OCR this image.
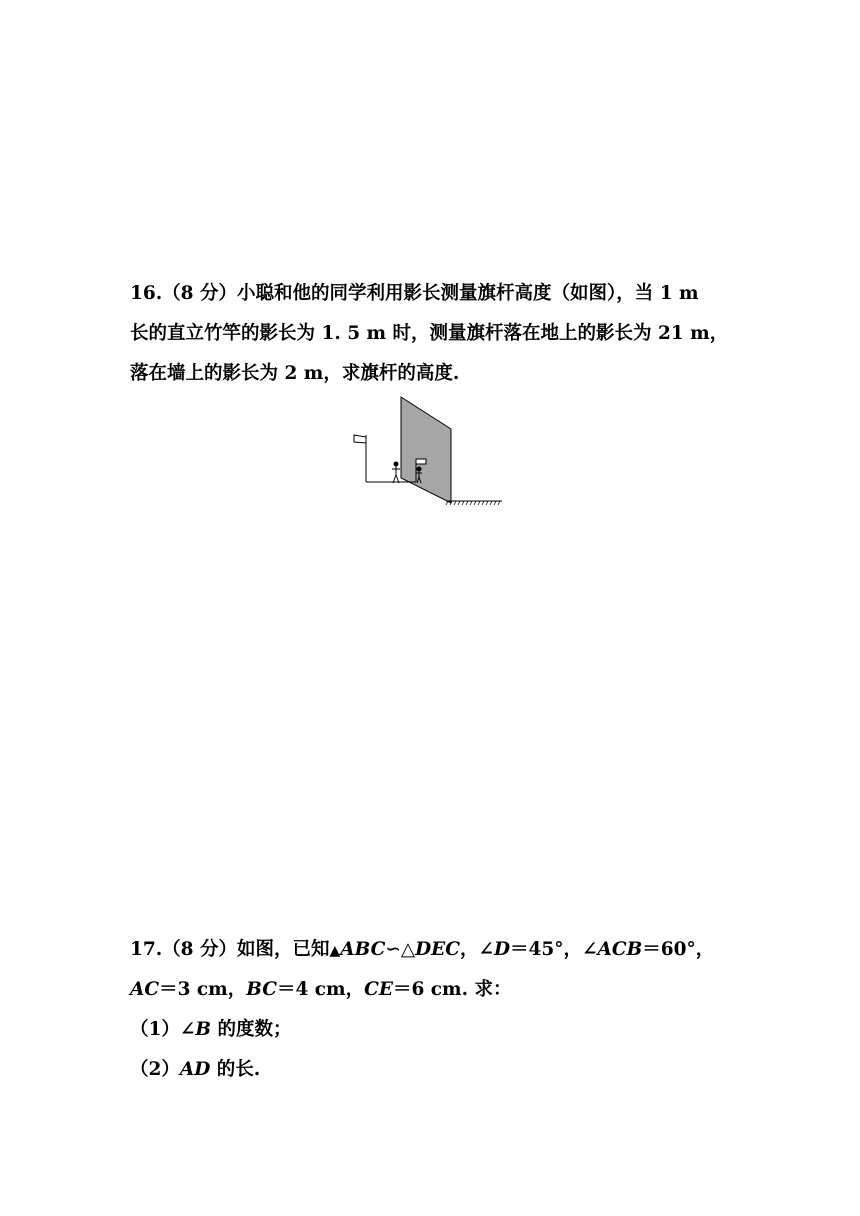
16.（8 分）小聪和他的同学利用影长测量旗杆高度（如图），当 1 m
长的直立竹竿的影长为 1. 5 m 时，测量旗杆落在地上的影长为 21 m，
落在墙上的影长为 2 m，求旗杆的高度.
17.（8 分）如图，已知▲ABC∽△DEC，∠D＝45°，∠ACB＝60°，
AC＝3 cm，BC＝4 cm，CE＝6 cm. 求：
（1）∠B 的度数；
（2）AD 的长.
